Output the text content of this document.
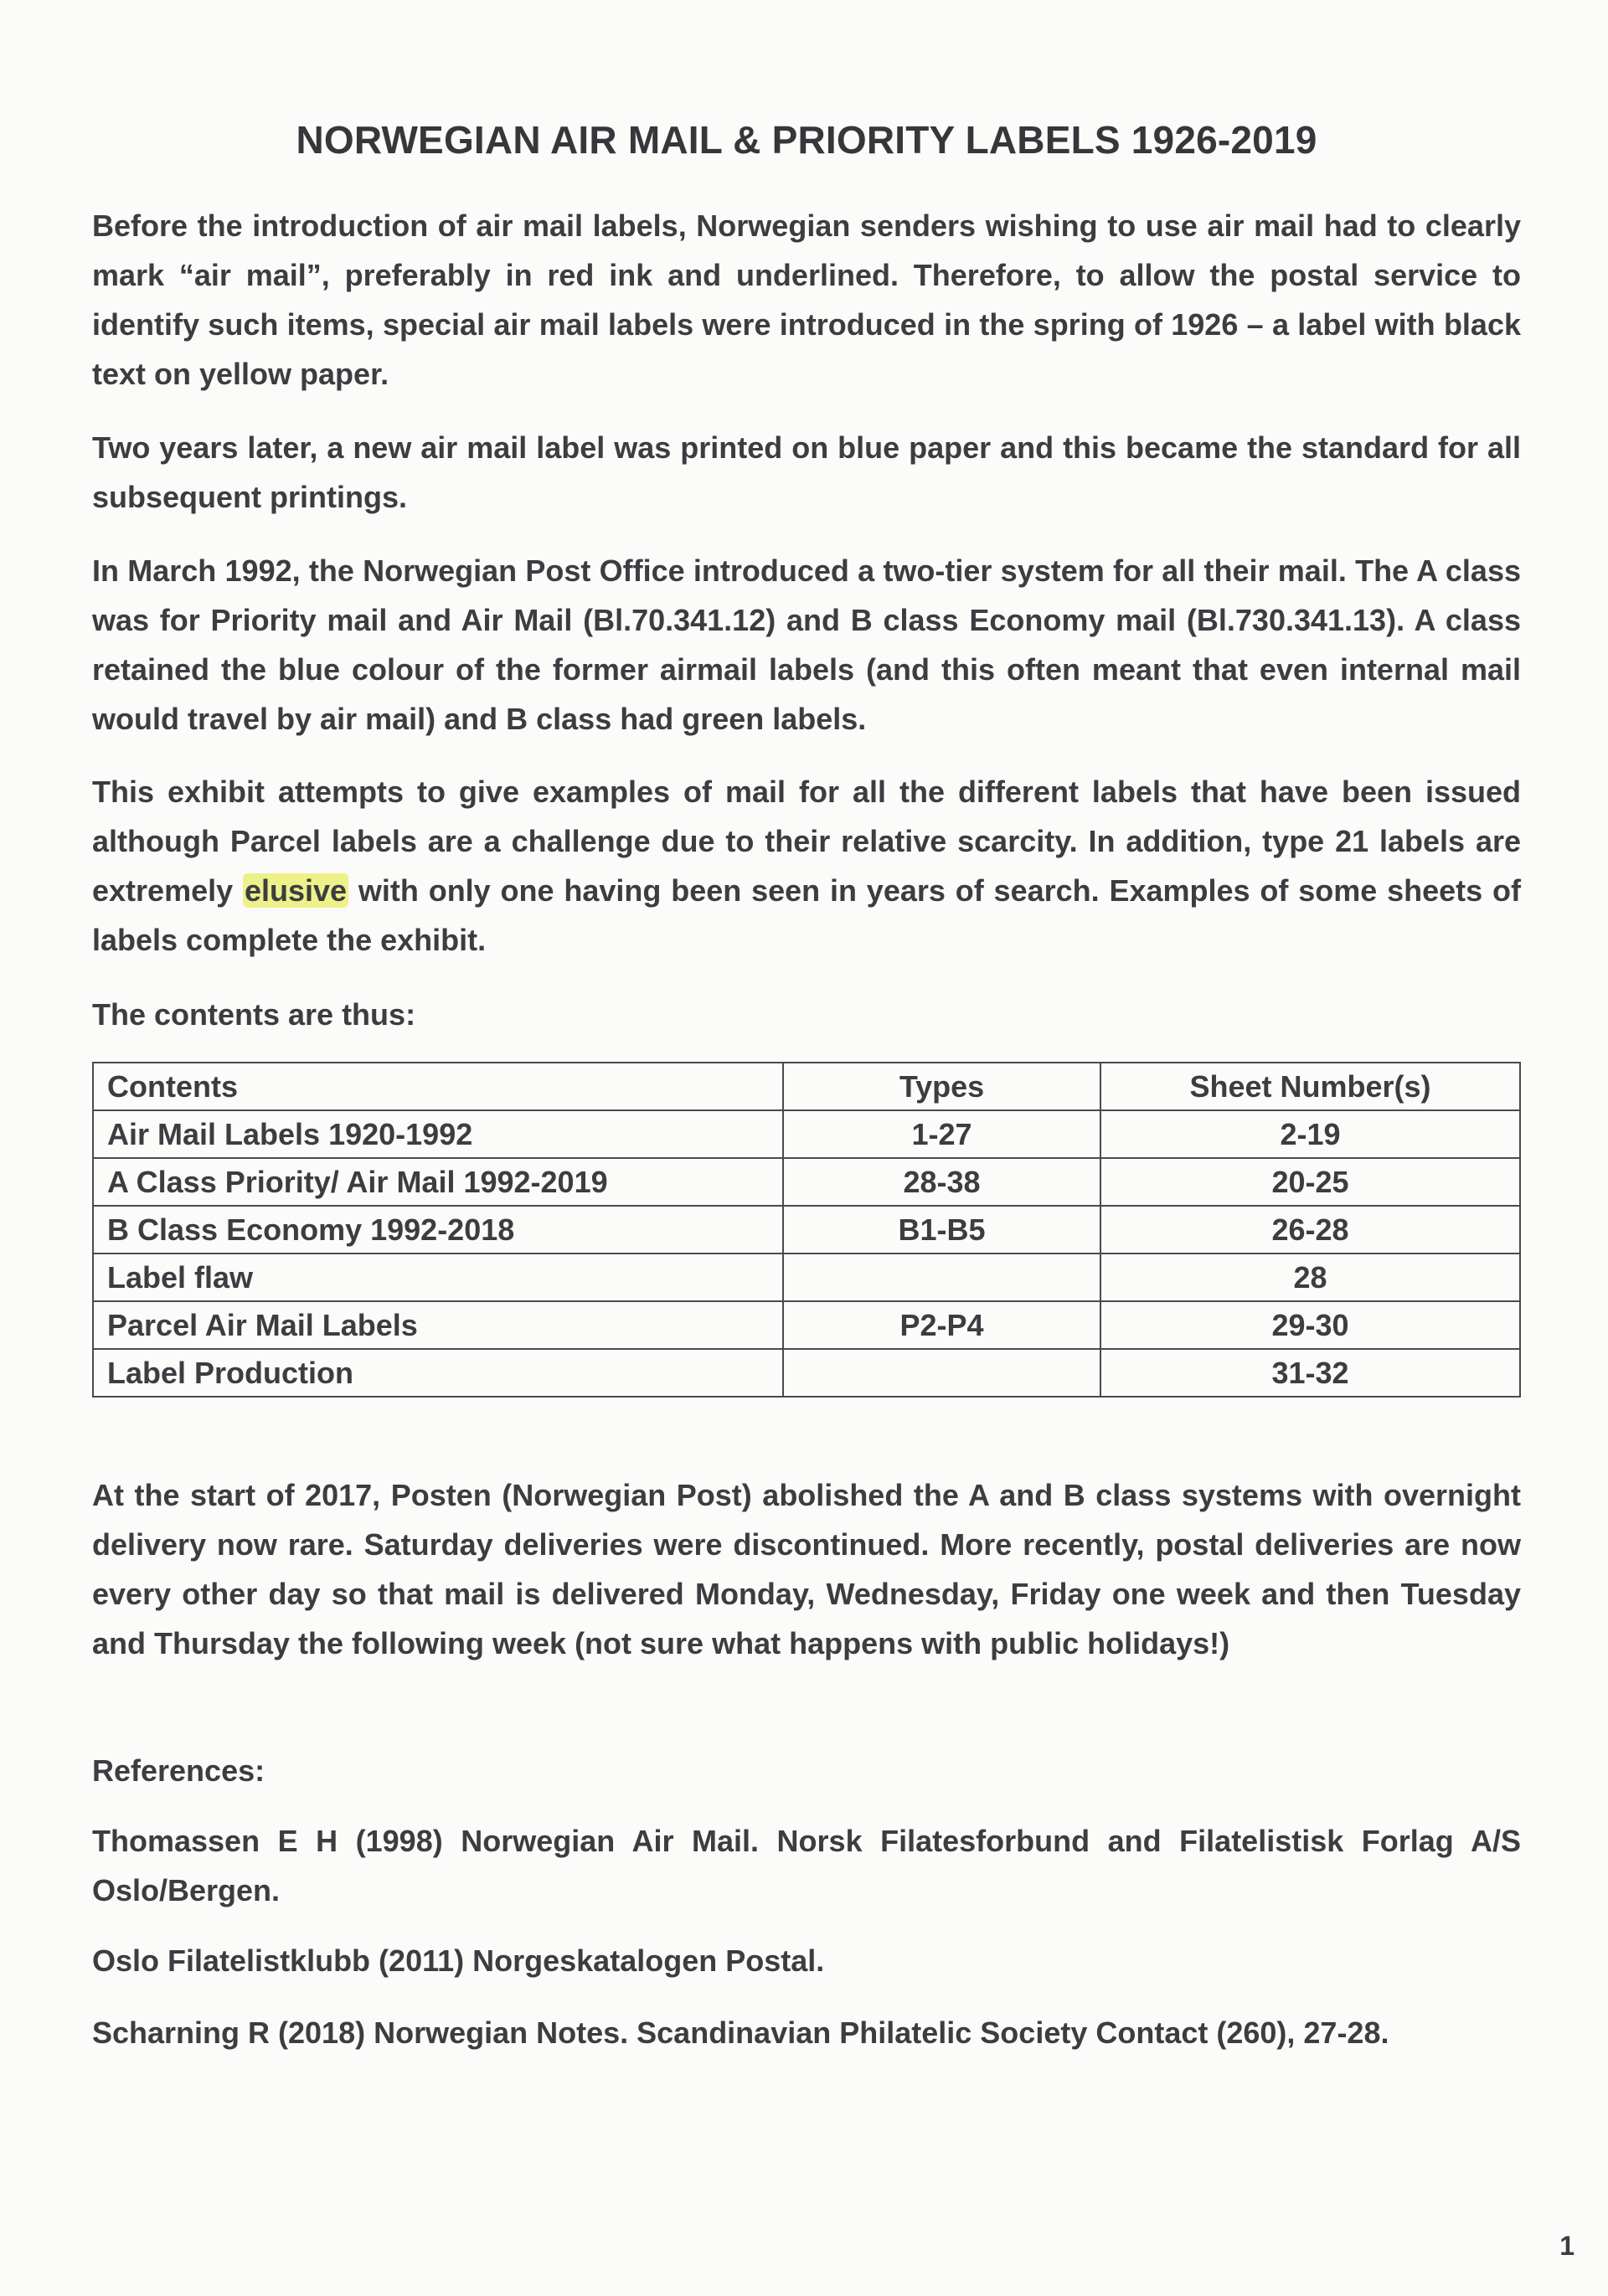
NORWEGIAN AIR MAIL & PRIORITY LABELS 1926-2019

Before the introduction of air mail labels, Norwegian senders wishing to use air mail had to clearly mark “air mail”, preferably in red ink and underlined. Therefore, to allow the postal service to identify such items, special air mail labels were introduced in the spring of 1926 – a label with black text on yellow paper.

Two years later, a new air mail label was printed on blue paper and this became the standard for all subsequent printings.

In March 1992, the Norwegian Post Office introduced a two-tier system for all their mail. The A class was for Priority mail and Air Mail (Bl.70.341.12) and B class Economy mail (Bl.730.341.13). A class retained the blue colour of the former airmail labels (and this often meant that even internal mail would travel by air mail) and B class had green labels.

This exhibit attempts to give examples of mail for all the different labels that have been issued although Parcel labels are a challenge due to their relative scarcity. In addition, type 21 labels are extremely elusive with only one having been seen in years of search. Examples of some sheets of labels complete the exhibit.

The contents are thus:

Contents	Types	Sheet Number(s)
Air Mail Labels 1920-1992	1-27	2-19
A Class Priority/ Air Mail 1992-2019	28-38	20-25
B Class Economy 1992-2018	B1-B5	26-28
Label flaw		28
Parcel Air Mail Labels	P2-P4	29-30
Label Production		31-32

At the start of 2017, Posten (Norwegian Post) abolished the A and B class systems with overnight delivery now rare. Saturday deliveries were discontinued. More recently, postal deliveries are now every other day so that mail is delivered Monday, Wednesday, Friday one week and then Tuesday and Thursday the following week (not sure what happens with public holidays!)

References:

Thomassen E H (1998) Norwegian Air Mail. Norsk Filatesforbund and Filatelistisk Forlag A/S Oslo/Bergen.

Oslo Filatelistklubb (2011) Norgeskatalogen Postal.

Scharning R (2018) Norwegian Notes. Scandinavian Philatelic Society Contact (260), 27-28.

1
